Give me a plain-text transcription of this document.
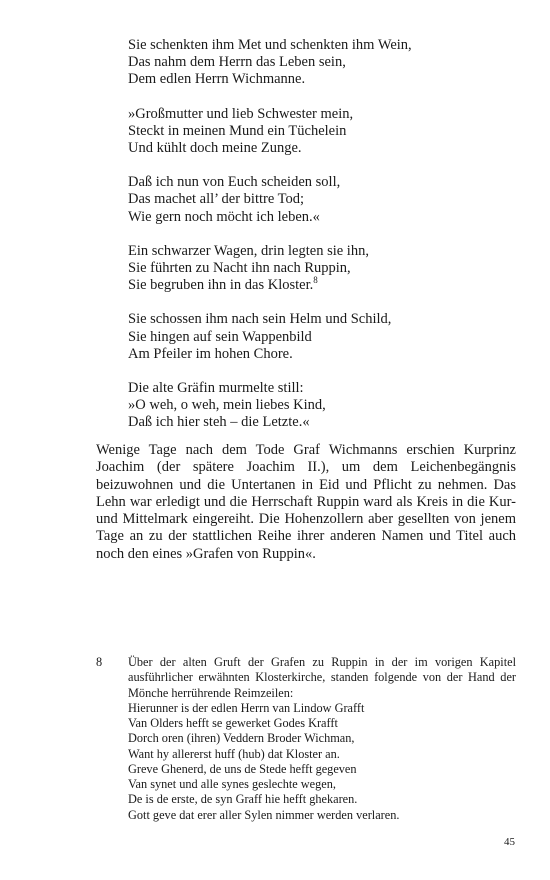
Sie schenkten ihm Met und schenkten ihm Wein,
Das nahm dem Herrn das Leben sein,
Dem edlen Herrn Wichmanne.
»Großmutter und lieb Schwester mein,
Steckt in meinen Mund ein Tüchelein
Und kühlt doch meine Zunge.
Daß ich nun von Euch scheiden soll,
Das machet all’ der bittre Tod;
Wie gern noch möcht ich leben.«
Ein schwarzer Wagen, drin legten sie ihn,
Sie führten zu Nacht ihn nach Ruppin,
Sie begruben ihn in das Kloster.$^8$
Sie schossen ihm nach sein Helm und Schild,
Sie hingen auf sein Wappenbild
Am Pfeiler im hohen Chore.
Die alte Gräfin murmelte still:
»O weh, o weh, mein liebes Kind,
Daß ich hier steh – die Letzte.«

Wenige Tage nach dem Tode Graf Wichmanns erschien Kurprinz Joachim (der spätere Joachim II.), um dem Leichenbegängnis beizuwohnen und die Untertanen in Eid und Pflicht zu nehmen. Das Lehn war erledigt und die Herrschaft Ruppin ward als Kreis in die Kur- und Mittelmark eingereiht. Die Hohenzollern aber gesellten von jenem Tage an zu der stattlichen Reihe ihrer anderen Namen und Titel auch noch den eines »Grafen von Ruppin«.

8 Über der alten Gruft der Grafen zu Ruppin in der im vorigen Kapitel ausführlicher erwähnten Klosterkirche, standen folgende von der Hand der Mönche herrührende Reimzeilen:

Hierunner is der edlen Herrn van Lindow Grafft
Van Olders hefft se gewerket Godes Krafft
Dorch oren (ihren) Veddern Broder Wichman,
Want hy allererst huff (hub) dat Kloster an.
Greve Ghenerd, de uns de Stede hefft gegeven
Van synet und alle synes geslechte wegen,
De is de erste, de syn Graff hie hefft ghekaren.
Gott geve dat erer aller Sylen nimmer werden verlaren.
45
